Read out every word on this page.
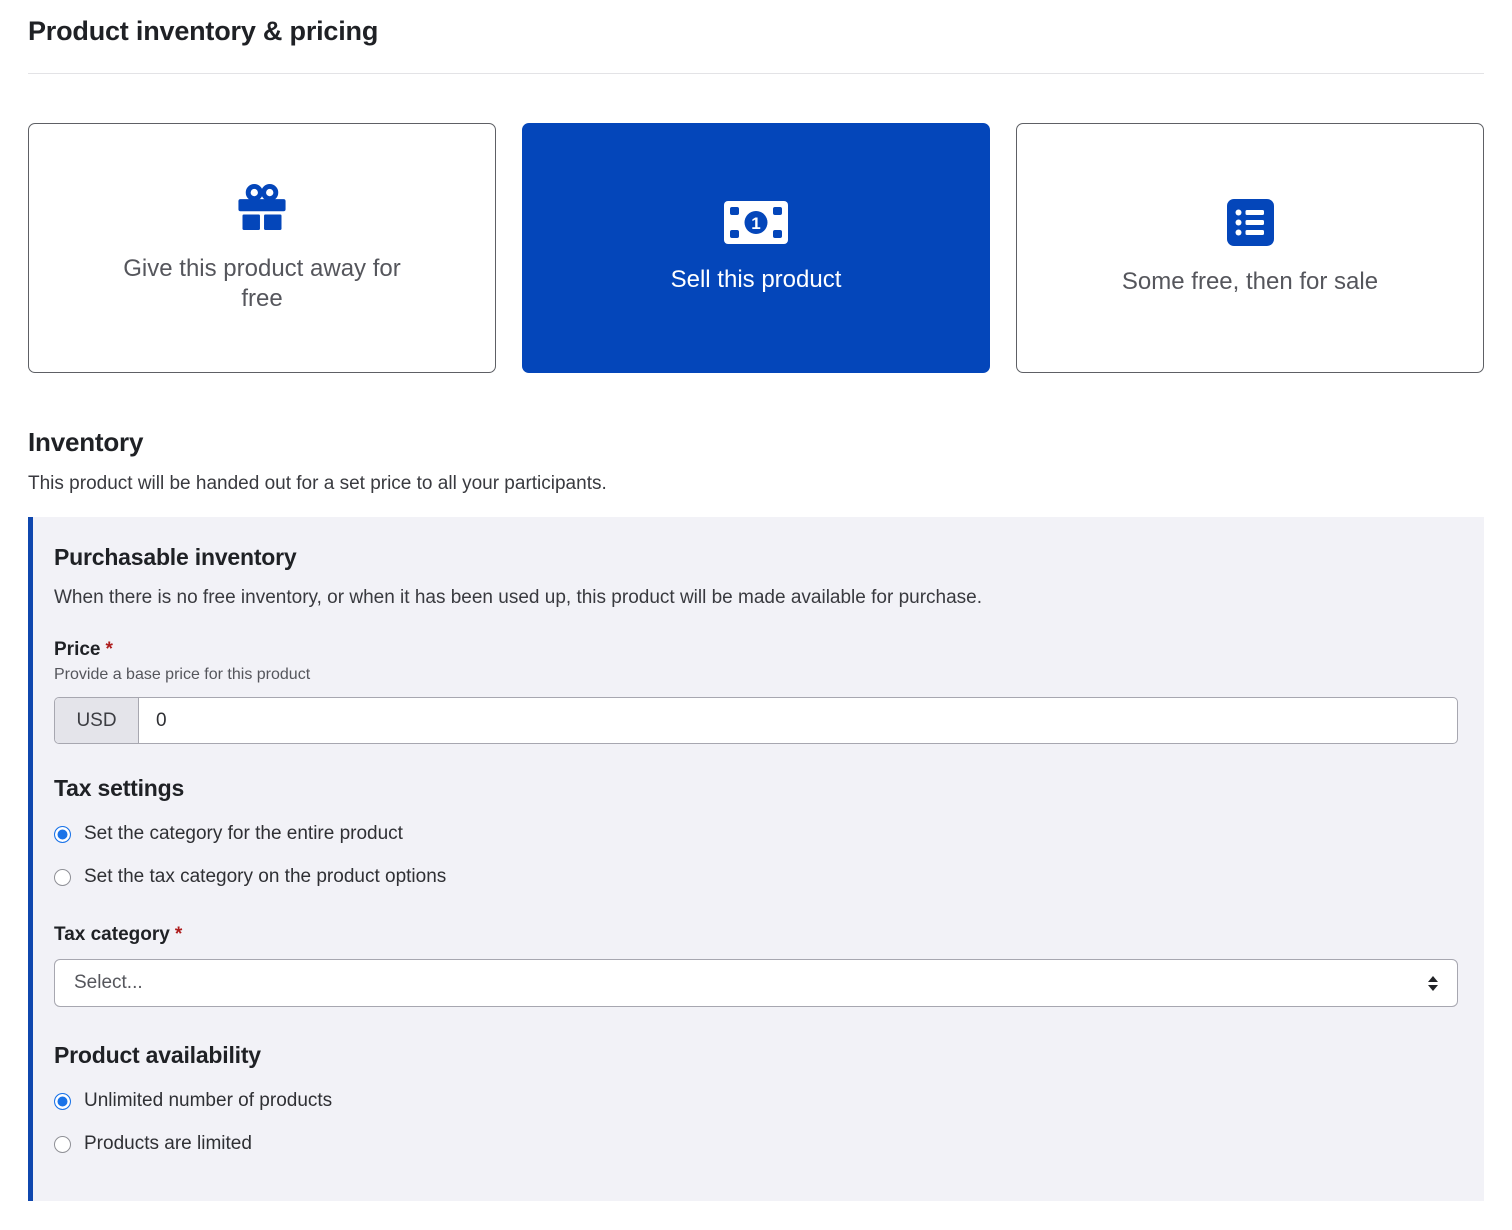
Product inventory & pricing
Give this product away for free
1
Sell this product	Some free, then for sale
Inventory

This product will be handed out for a set price to all your participants.

Purchasable inventory

When there is no free inventory, or when it has been used up, this product will be made available for purchase.

Price *
Provide a base price for this product
USD
0
Tax settings
Set the category for the entire product
Set the tax category on the product options
Tax category *
Select...
Product availability
Unlimited number of products
Products are limited
